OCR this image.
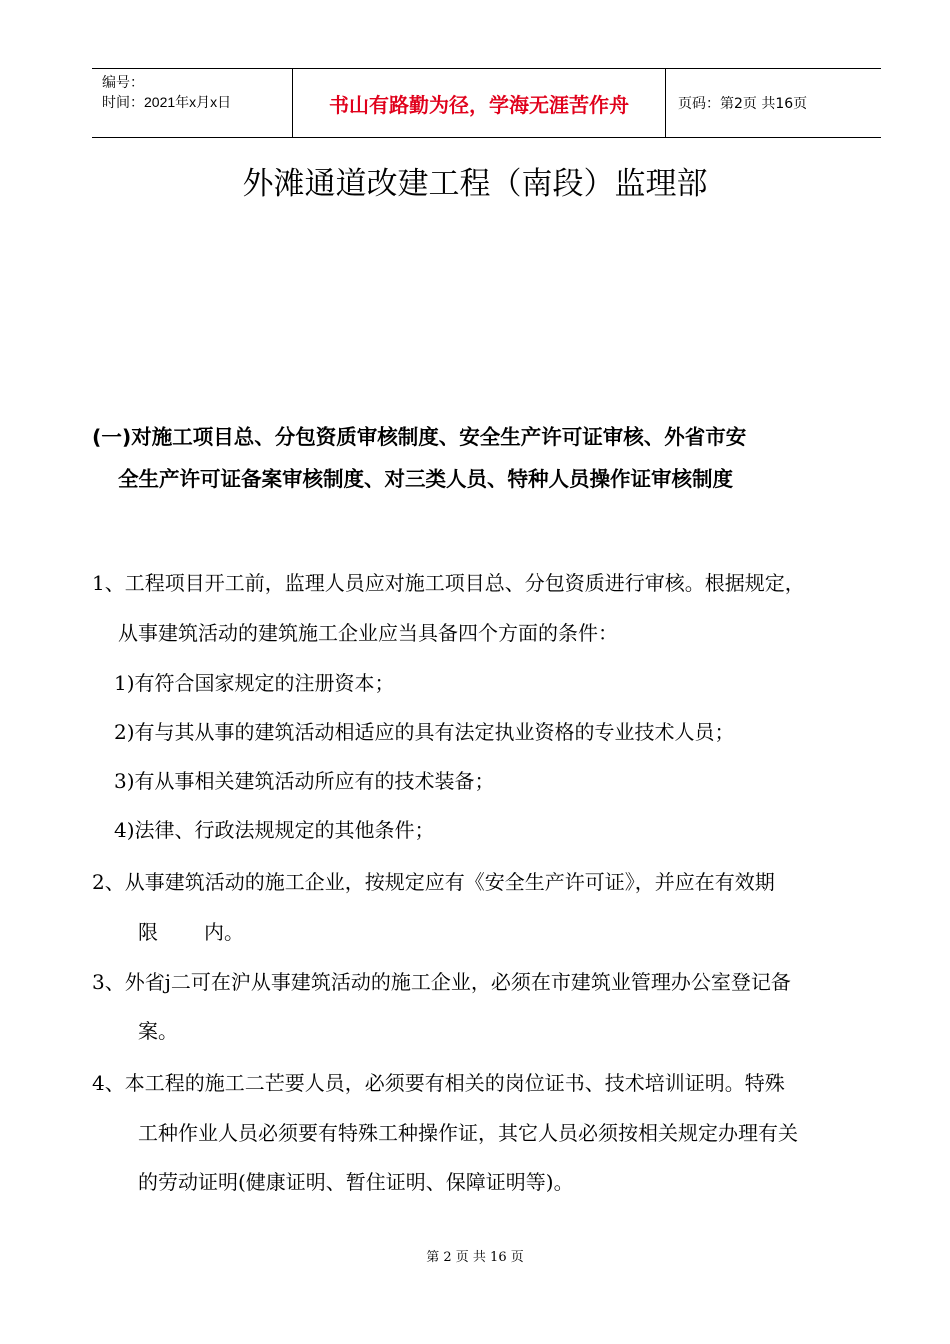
编号：
时间：2021年x月x日	书山有路勤为径，学海无涯苦作舟	页码：第2页 共16页
外滩通道改建工程（南段）监理部
(一)对施工项目总、分包资质审核制度、安全生产许可证审核、外省市安
全生产许可证备案审核制度、对三类人员、特种人员操作证审核制度
1、工程项目开工前，监理人员应对施工项目总、分包资质进行审核。根据规定，
从事建筑活动的建筑施工企业应当具备四个方面的条件：
1)有符合国家规定的注册资本；
2)有与其从事的建筑活动相适应的具有法定执业资格的专业技术人员；
3)有从事相关建筑活动所应有的技术装备；
4)法律、行政法规规定的其他条件；
2、从事建筑活动的施工企业，按规定应有《安全生产许可证》，并应在有效期
限 内。
3、外省j二可在沪从事建筑活动的施工企业，必须在市建筑业管理办公室登记备
案。
4、本工程的施工二芒要人员，必须要有相关的岗位证书、技术培训证明。特殊
工种作业人员必须要有特殊工种操作证，其它人员必须按相关规定办理有关
的劳动证明(健康证明、暂住证明、保障证明等)。
第 2 页 共 16 页
